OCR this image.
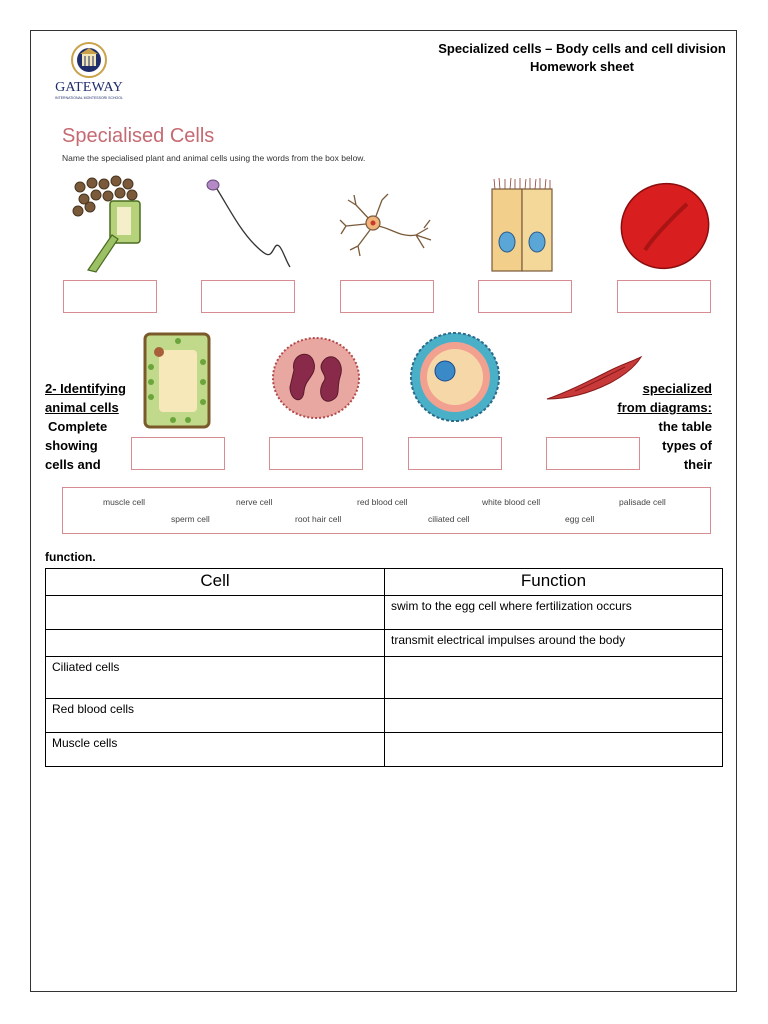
GATEWAY
INTERNATIONAL MONTESSORI SCHOOL
Specialized cells – Body cells and cell division
Homework sheet
Specialised Cells
Name the specialised plant and animal cells using the words from the box below.
2- Identifying
animal cells
Complete
showing
cells and
specialized
from diagrams:
the table
types of
their
muscle cell	nerve cell	red blood cell	white blood cell	palisade cell
sperm cell	root hair cell	ciliated cell	egg cell
function.
Cell	Function
	swim to the egg cell where fertilization occurs
	transmit electrical impulses around the body
Ciliated cells	
Red blood cells	
Muscle cells	
